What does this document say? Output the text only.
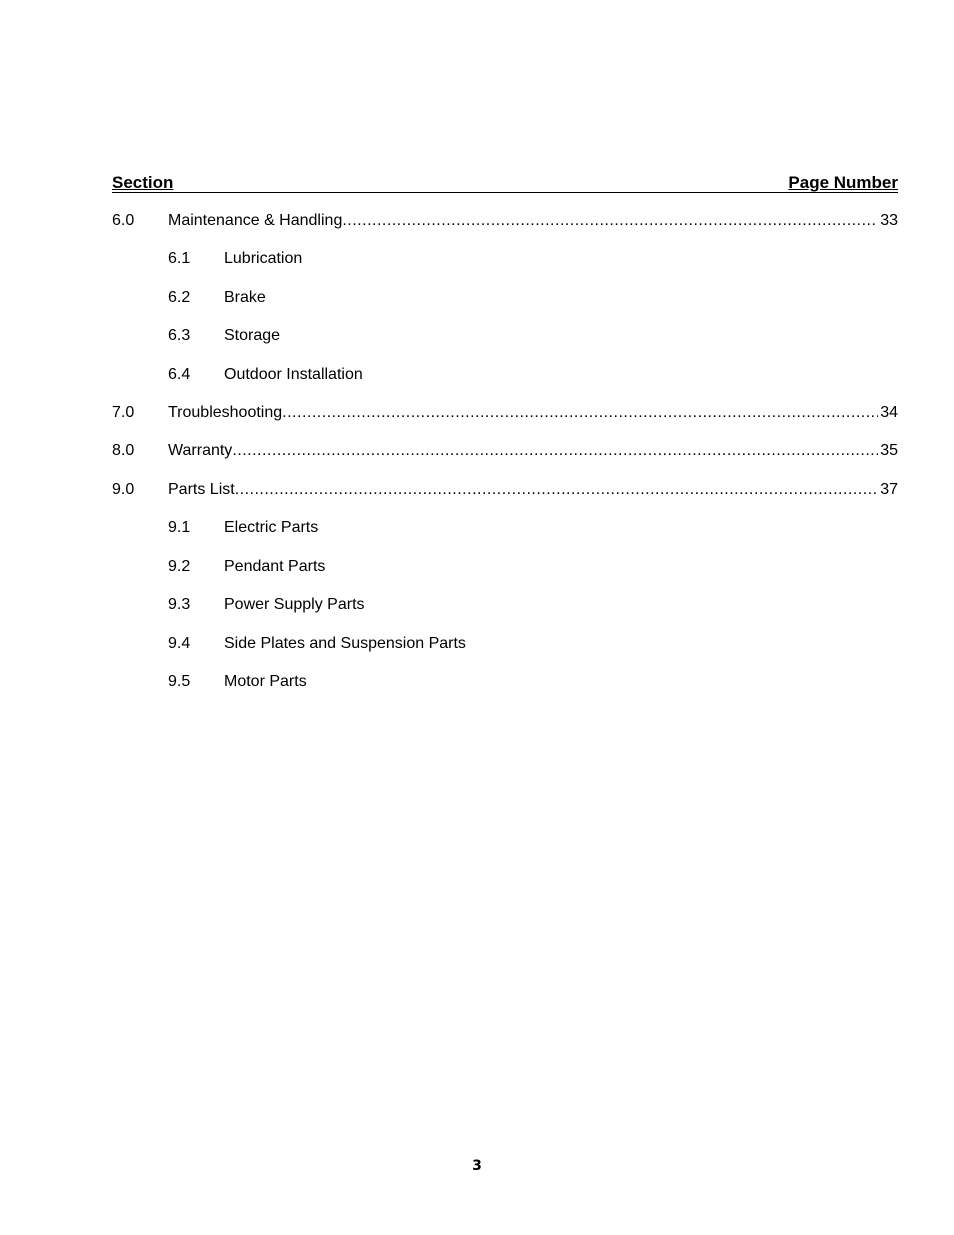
Section	Page Number
6.0 Maintenance & Handling .....	33
6.1 Lubrication
6.2 Brake
6.3 Storage
6.4 Outdoor Installation
7.0 Troubleshooting .....	34
8.0 Warranty .....	35
9.0 Parts List .....	37
9.1 Electric Parts
9.2 Pendant Parts
9.3 Power Supply Parts
9.4 Side Plates and Suspension Parts
9.5 Motor Parts
3
